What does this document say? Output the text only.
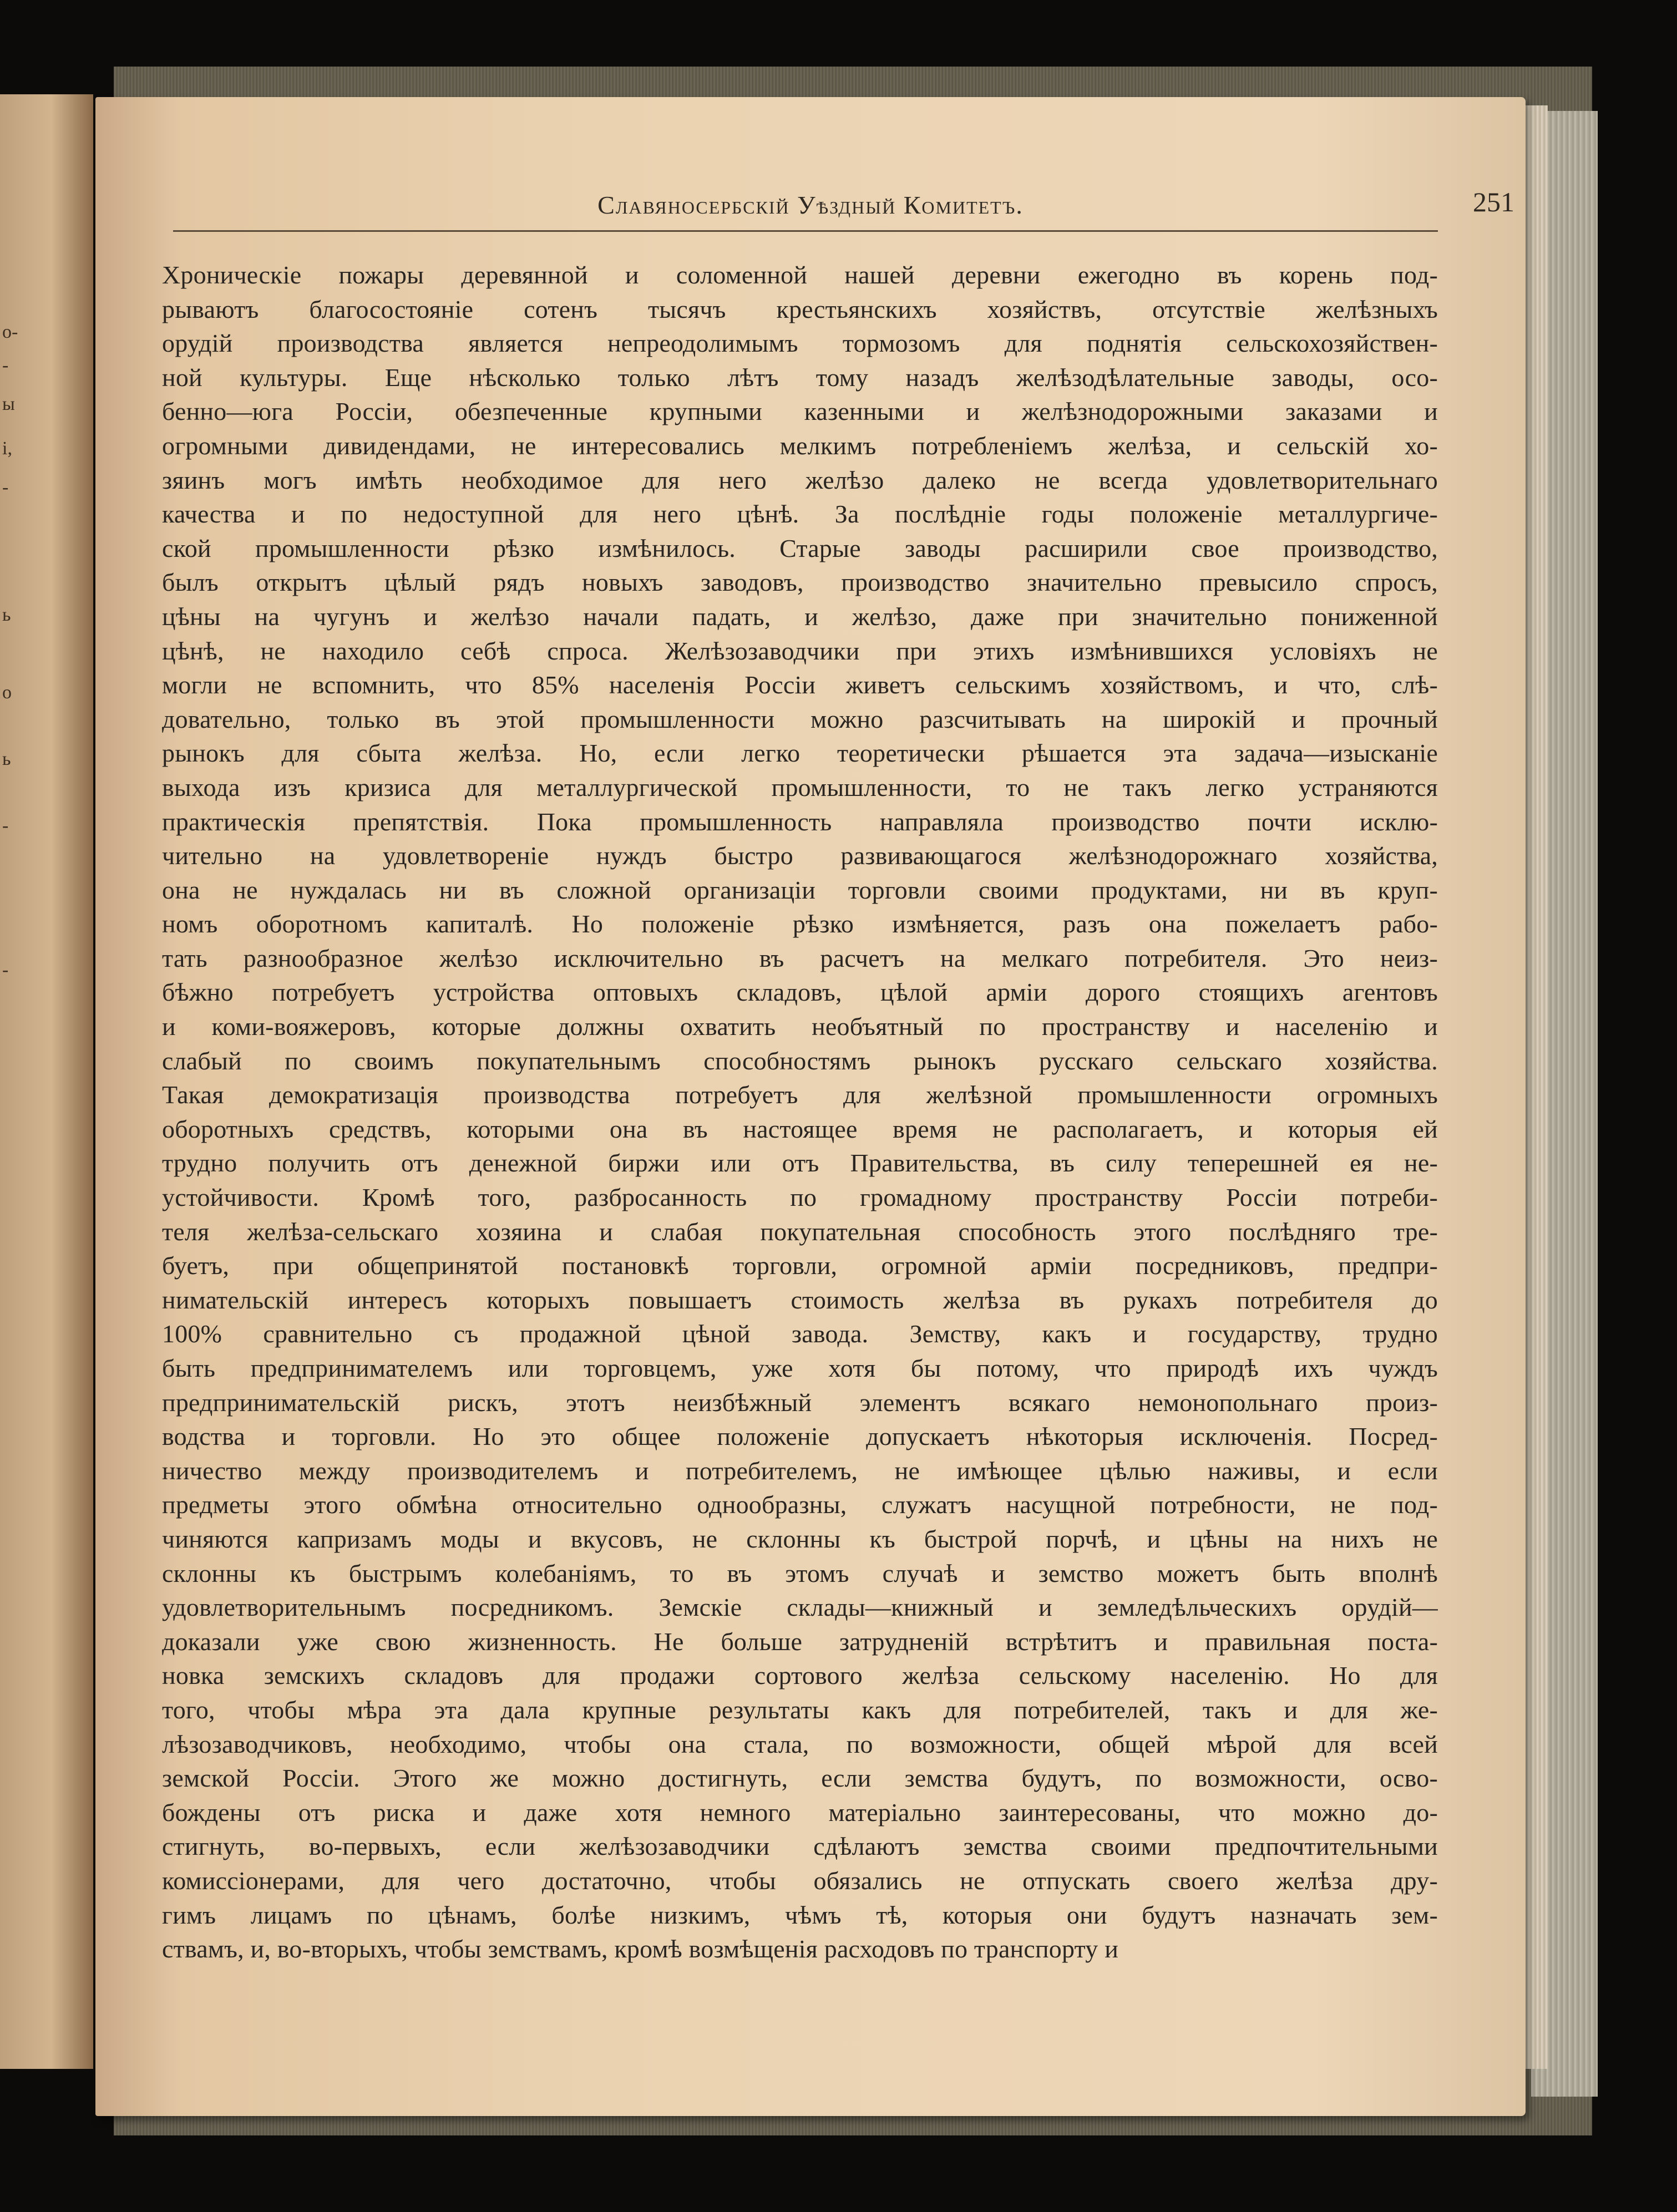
о-
-
ы
і,
-
ь
о
ь
-
-
Славяносербскій Уѣздный Комитетъ.	251
Хроническіе пожары деревянной и соломенной нашей деревни ежегодно въ корень под-
рываютъ благосостояніе сотенъ тысячъ крестьянскихъ хозяйствъ, отсутствіе желѣзныхъ
орудій производства является непреодолимымъ тормозомъ для поднятія сельскохозяйствен-
ной культуры. Еще нѣсколько только лѣтъ тому назадъ желѣзодѣлательные заводы, осо-
бенно—юга Россіи, обезпеченные крупными казенными и желѣзнодорожными заказами и
огромными дивидендами, не интересовались мелкимъ потребленіемъ желѣза, и сельскій хо-
зяинъ могъ имѣть необходимое для него желѣзо далеко не всегда удовлетворительнаго
качества и по недоступной для него цѣнѣ. За послѣдніе годы положеніе металлургиче-
ской промышленности рѣзко измѣнилось. Старые заводы расширили свое производство,
былъ открытъ цѣлый рядъ новыхъ заводовъ, производство значительно превысило спросъ,
цѣны на чугунъ и желѣзо начали падать, и желѣзо, даже при значительно пониженной
цѣнѣ, не находило себѣ спроса. Желѣзозаводчики при этихъ измѣнившихся условіяхъ не
могли не вспомнить, что 85% населенія Россіи живетъ сельскимъ хозяйствомъ, и что, слѣ-
довательно, только въ этой промышленности можно разсчитывать на широкій и прочный
рынокъ для сбыта желѣза. Но, если легко теоретически рѣшается эта задача—изысканіе
выхода изъ кризиса для металлургической промышленности, то не такъ легко устраняются
практическія препятствія. Пока промышленность направляла производство почти исклю-
чительно на удовлетвореніе нуждъ быстро развивающагося желѣзнодорожнаго хозяйства,
она не нуждалась ни въ сложной организаціи торговли своими продуктами, ни въ круп-
номъ оборотномъ капиталѣ. Но положеніе рѣзко измѣняется, разъ она пожелаетъ рабо-
тать разнообразное желѣзо исключительно въ расчетъ на мелкаго потребителя. Это неиз-
бѣжно потребуетъ устройства оптовыхъ складовъ, цѣлой арміи дорого стоящихъ агентовъ
и коми-вояжеровъ, которые должны охватить необъятный по пространству и населенію и
слабый по своимъ покупательнымъ способностямъ рынокъ русскаго сельскаго хозяйства.
Такая демократизація производства потребуетъ для желѣзной промышленности огромныхъ
оборотныхъ средствъ, которыми она въ настоящее время не располагаетъ, и которыя ей
трудно получить отъ денежной биржи или отъ Правительства, въ силу теперешней ея не-
устойчивости. Кромѣ того, разбросанность по громадному пространству Россіи потреби-
теля желѣза-сельскаго хозяина и слабая покупательная способность этого послѣдняго тре-
буетъ, при общепринятой постановкѣ торговли, огромной арміи посредниковъ, предпри-
нимательскій интересъ которыхъ повышаетъ стоимость желѣза въ рукахъ потребителя до
100% сравнительно съ продажной цѣной завода. Земству, какъ и государству, трудно
быть предпринимателемъ или торговцемъ, уже хотя бы потому, что природѣ ихъ чуждъ
предпринимательскій рискъ, этотъ неизбѣжный элементъ всякаго немонопольнаго произ-
водства и торговли. Но это общее положеніе допускаетъ нѣкоторыя исключенія. Посред-
ничество между производителемъ и потребителемъ, не имѣющее цѣлью наживы, и если
предметы этого обмѣна относительно однообразны, служатъ насущной потребности, не под-
чиняются капризамъ моды и вкусовъ, не склонны къ быстрой порчѣ, и цѣны на нихъ не
склонны къ быстрымъ колебаніямъ, то въ этомъ случаѣ и земство можетъ быть вполнѣ
удовлетворительнымъ посредникомъ. Земскіе склады—книжный и земледѣльческихъ орудій—
доказали уже свою жизненность. Не больше затрудненій встрѣтитъ и правильная поста-
новка земскихъ складовъ для продажи сортового желѣза сельскому населенію. Но для
того, чтобы мѣра эта дала крупные результаты какъ для потребителей, такъ и для же-
лѣзозаводчиковъ, необходимо, чтобы она стала, по возможности, общей мѣрой для всей
земской Россіи. Этого же можно достигнуть, если земства будутъ, по возможности, осво-
бождены отъ риска и даже хотя немного матеріально заинтересованы, что можно до-
стигнуть, во-первыхъ, если желѣзозаводчики сдѣлаютъ земства своими предпочтительными
комиссіонерами, для чего достаточно, чтобы обязались не отпускать своего желѣза дру-
гимъ лицамъ по цѣнамъ, болѣе низкимъ, чѣмъ тѣ, которыя они будутъ назначать зем-
ствамъ, и, во-вторыхъ, чтобы земствамъ, кромѣ возмѣщенія расходовъ по транспорту и
